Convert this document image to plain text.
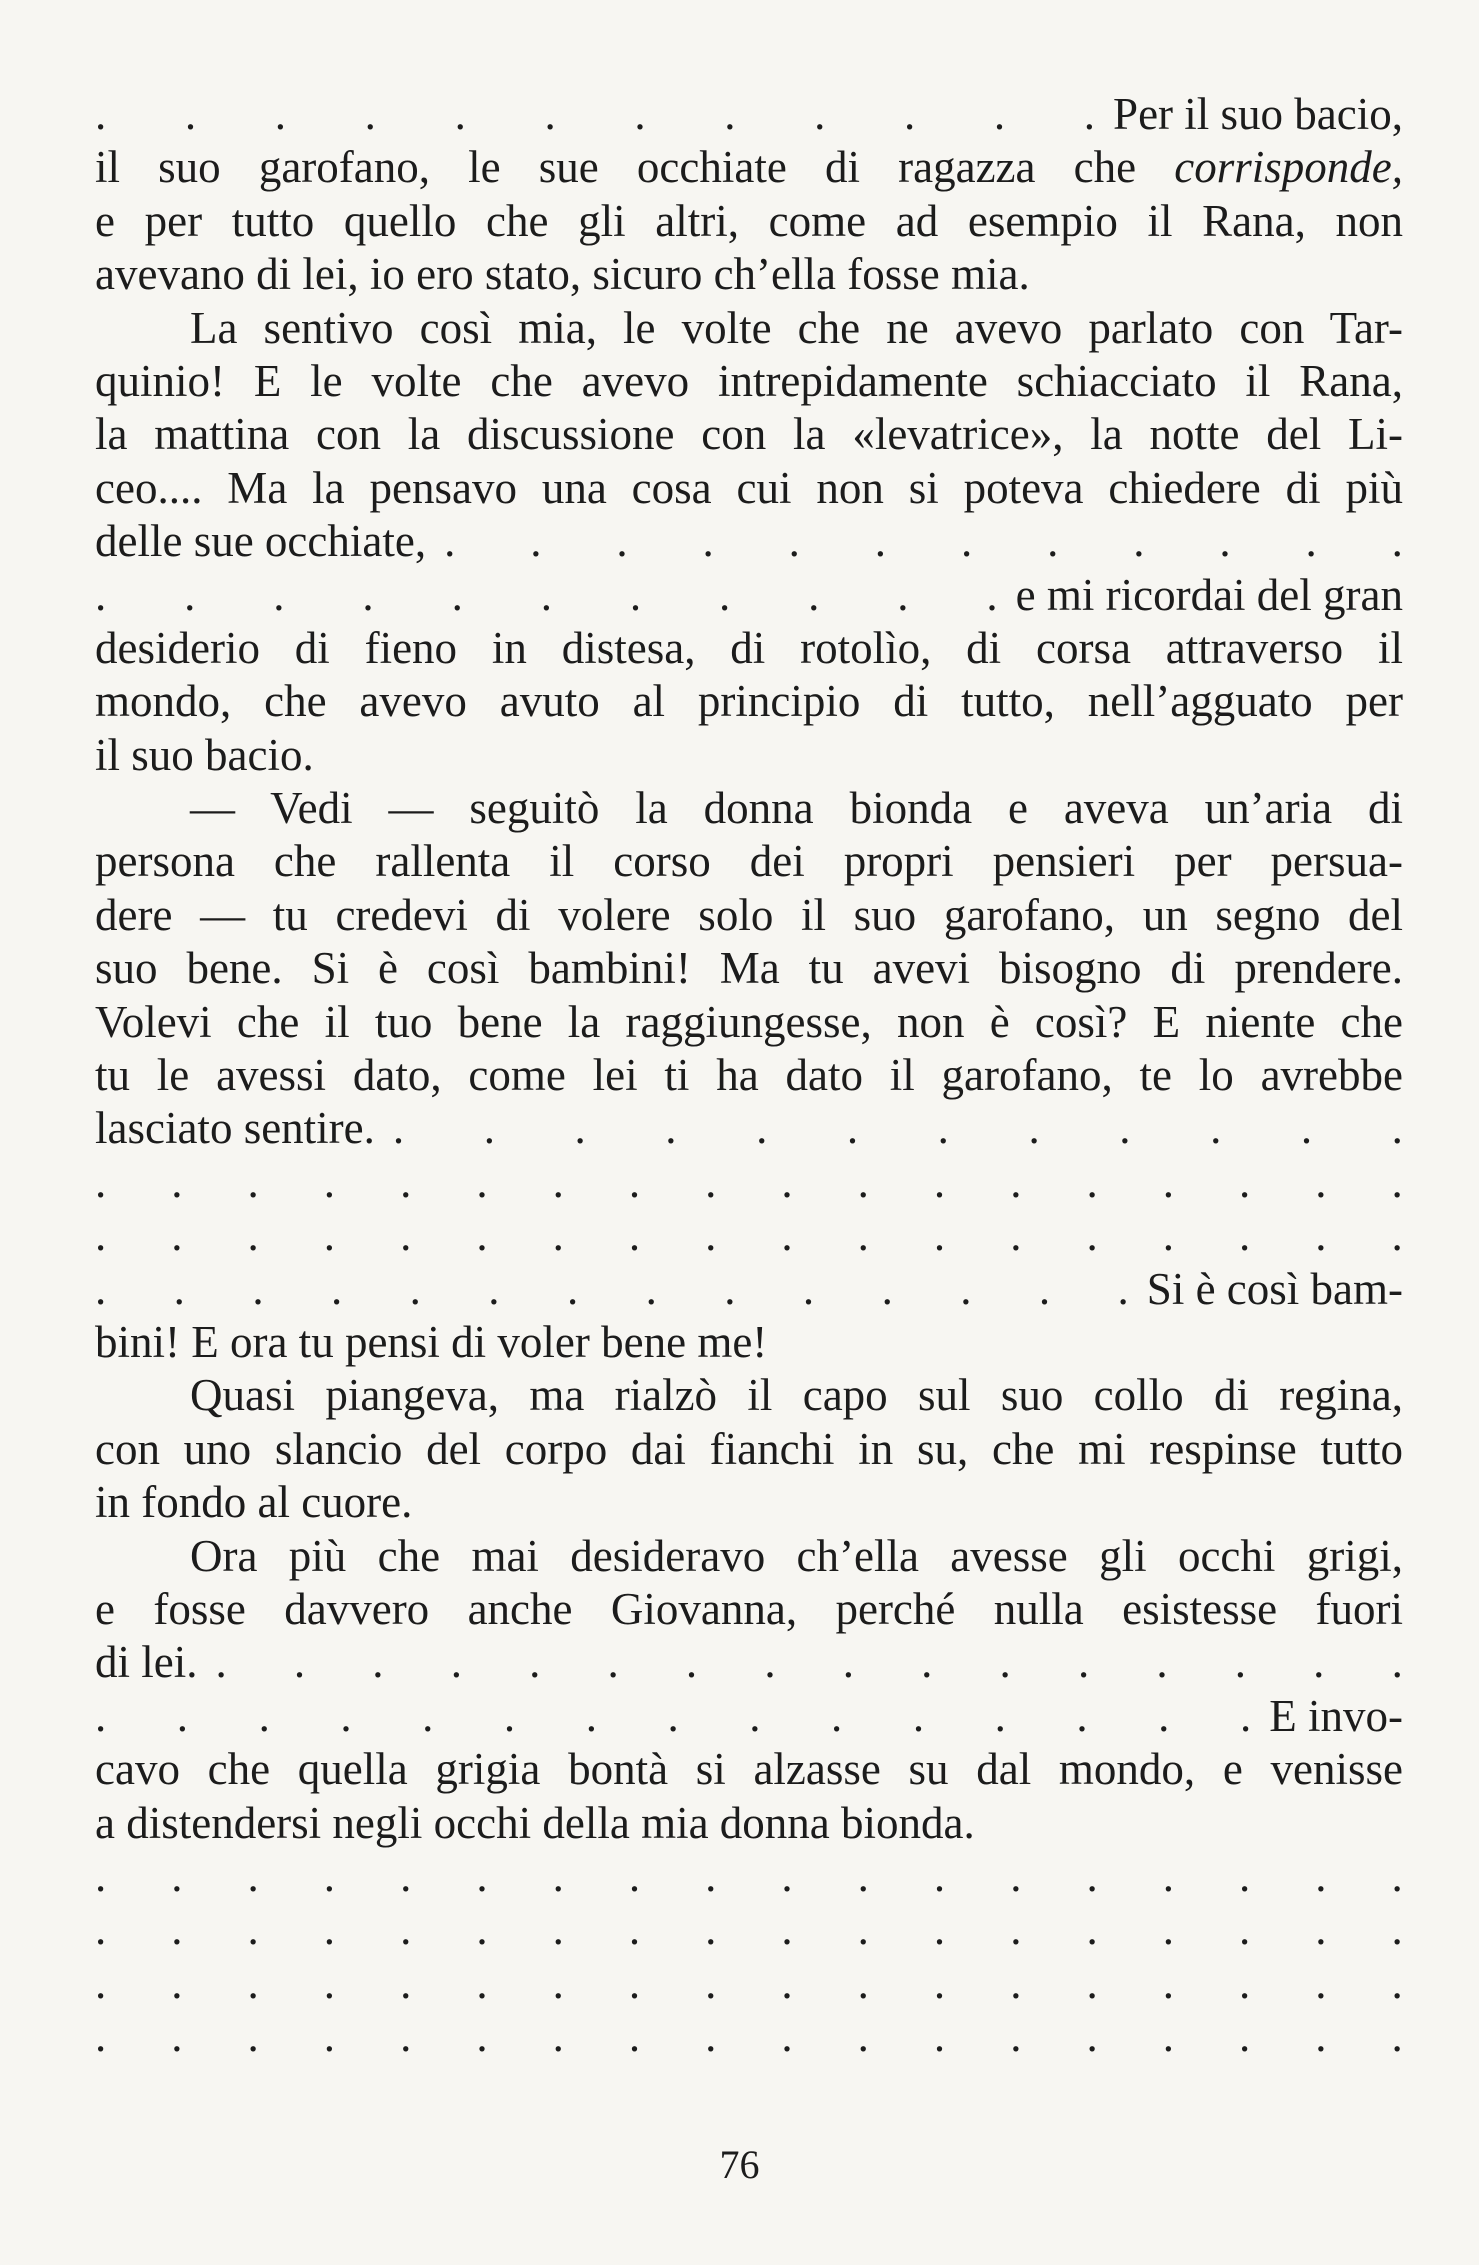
. . . . . . . . . . . . Per il suo bacio,
il suo garofano, le sue occhiate di ragazza che corrisponde,
e per tutto quello che gli altri, come ad esempio il Rana, non
avevano di lei, io ero stato, sicuro ch’ella fosse mia.
La sentivo così mia, le volte che ne avevo parlato con Tar-
quinio! E le volte che avevo intrepidamente schiacciato il Rana,
la mattina con la discussione con la «levatrice», la notte del Li-
ceo.... Ma la pensavo una cosa cui non si poteva chiedere di più
delle sue occhiate, . . . . . . . . . . . .
. . . . . . . . . . . e mi ricordai del gran
desiderio di fieno in distesa, di rotolìo, di corsa attraverso il
mondo, che avevo avuto al principio di tutto, nell’agguato per
il suo bacio.
— Vedi — seguitò la donna bionda e aveva un’aria di
persona che rallenta il corso dei propri pensieri per persua-
dere — tu credevi di volere solo il suo garofano, un segno del
suo bene. Si è così bambini! Ma tu avevi bisogno di prendere.
Volevi che il tuo bene la raggiungesse, non è così? E niente che
tu le avessi dato, come lei ti ha dato il garofano, te lo avrebbe
lasciato sentire. . . . . . . . . . . . .
. . . . . . . . . . . . . . . . . .
. . . . . . . . . . . . . . . . . .
. . . . . . . . . . . . . . Si è così bam-
bini! E ora tu pensi di voler bene me!
Quasi piangeva, ma rialzò il capo sul suo collo di regina,
con uno slancio del corpo dai fianchi in su, che mi respinse tutto
in fondo al cuore.
Ora più che mai desideravo ch’ella avesse gli occhi grigi,
e fosse davvero anche Giovanna, perché nulla esistesse fuori
di lei. . . . . . . . . . . . . . . . .
. . . . . . . . . . . . . . . E invo-
cavo che quella grigia bontà si alzasse su dal mondo, e venisse
a distendersi negli occhi della mia donna bionda.
. . . . . . . . . . . . . . . . . .
. . . . . . . . . . . . . . . . . .
. . . . . . . . . . . . . . . . . .
. . . . . . . . . . . . . . . . . .
76
